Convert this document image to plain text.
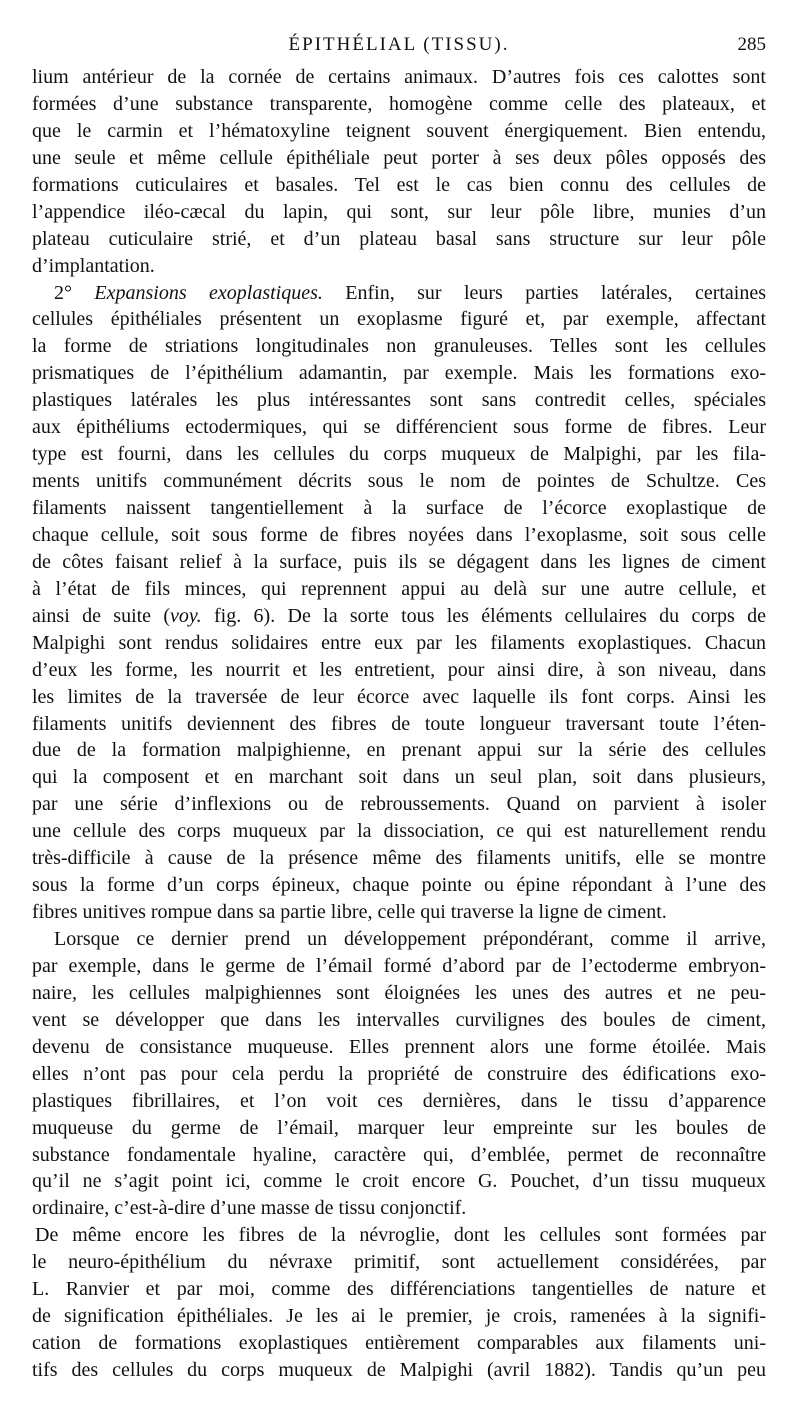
ÉPITHÉLIAL (TISSU).	285
lium antérieur de la cornée de certains animaux. D’autres fois ces calottes sont
formées d’une substance transparente, homogène comme celle des plateaux, et
que le carmin et l’hématoxyline teignent souvent énergiquement. Bien entendu,
une seule et même cellule épithéliale peut porter à ses deux pôles opposés des
formations cuticulaires et basales. Tel est le cas bien connu des cellules de
l’appendice iléo-cæcal du lapin, qui sont, sur leur pôle libre, munies d’un
plateau cuticulaire strié, et d’un plateau basal sans structure sur leur pôle
d’implantation.
2° Expansions exoplastiques. Enfin, sur leurs parties latérales, certaines
cellules épithéliales présentent un exoplasme figuré et, par exemple, affectant
la forme de striations longitudinales non granuleuses. Telles sont les cellules
prismatiques de l’épithélium adamantin, par exemple. Mais les formations exo-
plastiques latérales les plus intéressantes sont sans contredit celles, spéciales
aux épithéliums ectodermiques, qui se différencient sous forme de fibres. Leur
type est fourni, dans les cellules du corps muqueux de Malpighi, par les fila-
ments unitifs communément décrits sous le nom de pointes de Schultze. Ces
filaments naissent tangentiellement à la surface de l’écorce exoplastique de
chaque cellule, soit sous forme de fibres noyées dans l’exoplasme, soit sous celle
de côtes faisant relief à la surface, puis ils se dégagent dans les lignes de ciment
à l’état de fils minces, qui reprennent appui au delà sur une autre cellule, et
ainsi de suite (voy. fig. 6). De la sorte tous les éléments cellulaires du corps de
Malpighi sont rendus solidaires entre eux par les filaments exoplastiques. Chacun
d’eux les forme, les nourrit et les entretient, pour ainsi dire, à son niveau, dans
les limites de la traversée de leur écorce avec laquelle ils font corps. Ainsi les
filaments unitifs deviennent des fibres de toute longueur traversant toute l’éten-
due de la formation malpighienne, en prenant appui sur la série des cellules
qui la composent et en marchant soit dans un seul plan, soit dans plusieurs,
par une série d’inflexions ou de rebroussements. Quand on parvient à isoler
une cellule des corps muqueux par la dissociation, ce qui est naturellement rendu
très-difficile à cause de la présence même des filaments unitifs, elle se montre
sous la forme d’un corps épineux, chaque pointe ou épine répondant à l’une des
fibres unitives rompue dans sa partie libre, celle qui traverse la ligne de ciment.
Lorsque ce dernier prend un développement prépondérant, comme il arrive,
par exemple, dans le germe de l’émail formé d’abord par de l’ectoderme embryon-
naire, les cellules malpighiennes sont éloignées les unes des autres et ne peu-
vent se développer que dans les intervalles curvilignes des boules de ciment,
devenu de consistance muqueuse. Elles prennent alors une forme étoilée. Mais
elles n’ont pas pour cela perdu la propriété de construire des édifications exo-
plastiques fibrillaires, et l’on voit ces dernières, dans le tissu d’apparence
muqueuse du germe de l’émail, marquer leur empreinte sur les boules de
substance fondamentale hyaline, caractère qui, d’emblée, permet de reconnaître
qu’il ne s’agit point ici, comme le croit encore G. Pouchet, d’un tissu muqueux
ordinaire, c’est-à-dire d’une masse de tissu conjonctif.
De même encore les fibres de la névroglie, dont les cellules sont formées par
le neuro-épithélium du névraxe primitif, sont actuellement considérées, par
L. Ranvier et par moi, comme des différenciations tangentielles de nature et
de signification épithéliales. Je les ai le premier, je crois, ramenées à la signifi-
cation de formations exoplastiques entièrement comparables aux filaments uni-
tifs des cellules du corps muqueux de Malpighi (avril 1882). Tandis qu’un peu
